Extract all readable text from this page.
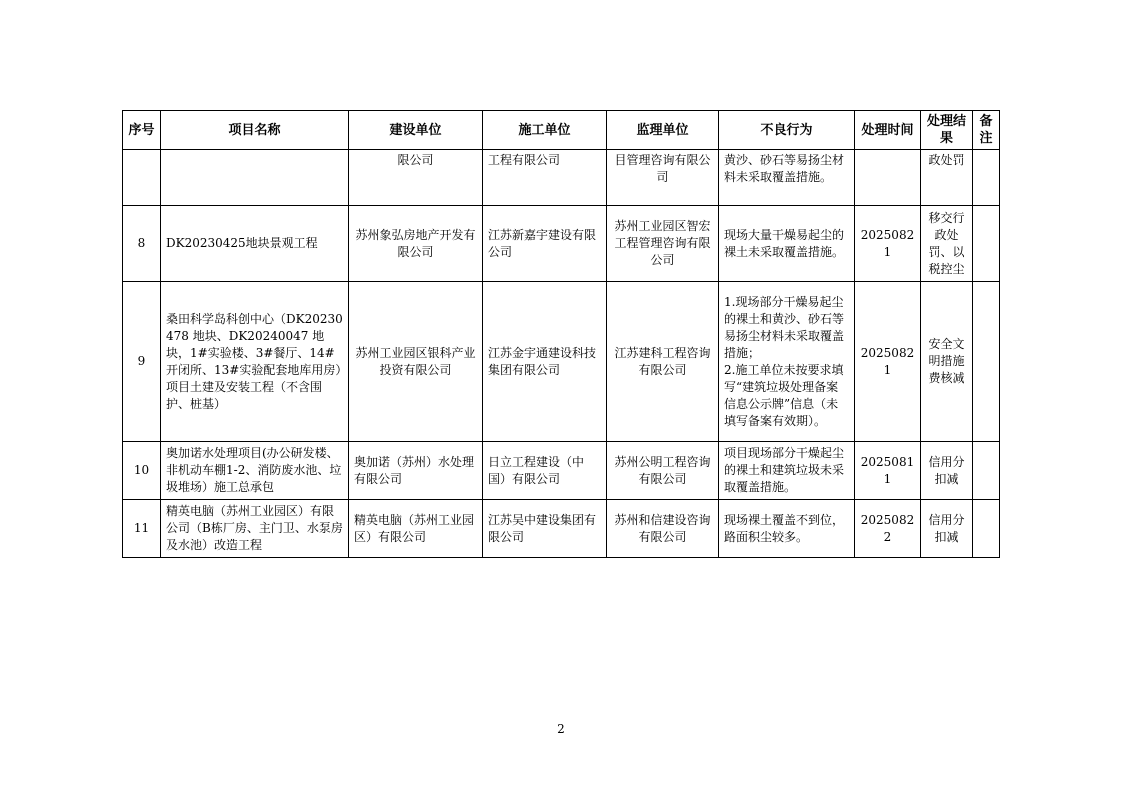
序号	项目名称	建设单位	施工单位	监理单位	不良行为	处理时间	处理结果	备注
		限公司	工程有限公司	目管理咨询有限公司	黄沙、砂石等易扬尘材料未采取覆盖措施。		政处罚	
8	DK20230425地块景观工程	苏州象弘房地产开发有限公司	江苏新嘉宇建设有限公司	苏州工业园区智宏工程管理咨询有限公司	现场大量干燥易起尘的裸土未采取覆盖措施。	20250821	移交行政处罚、以税控尘	
9	桑田科学岛科创中心（DK20230478 地块、DK20240047 地块，1#实验楼、3#餐厅、14#开闭所、13#实验配套地库用房）项目土建及安装工程（不含围护、桩基）	苏州工业园区银科产业投资有限公司	江苏金宇通建设科技集团有限公司	江苏建科工程咨询有限公司	1.现场部分干燥易起尘的裸土和黄沙、砂石等易扬尘材料未采取覆盖措施；
2.施工单位未按要求填写“建筑垃圾处理备案信息公示牌”信息（未填写备案有效期）。	20250821	安全文明措施费核减	
10	奥加诺水处理项目(办公研发楼、非机动车棚1-2、消防废水池、垃圾堆场）施工总承包	奥加诺（苏州）水处理有限公司	日立工程建设（中国）有限公司	苏州公明工程咨询有限公司	项目现场部分干燥起尘的裸土和建筑垃圾未采取覆盖措施。	20250811	信用分扣减	
11	精英电脑（苏州工业园区）有限公司（B栋厂房、主门卫、水泵房及水池）改造工程	精英电脑（苏州工业园区）有限公司	江苏吴中建设集团有限公司	苏州和信建设咨询有限公司	现场裸土覆盖不到位，路面积尘较多。	20250822	信用分扣减	
2
